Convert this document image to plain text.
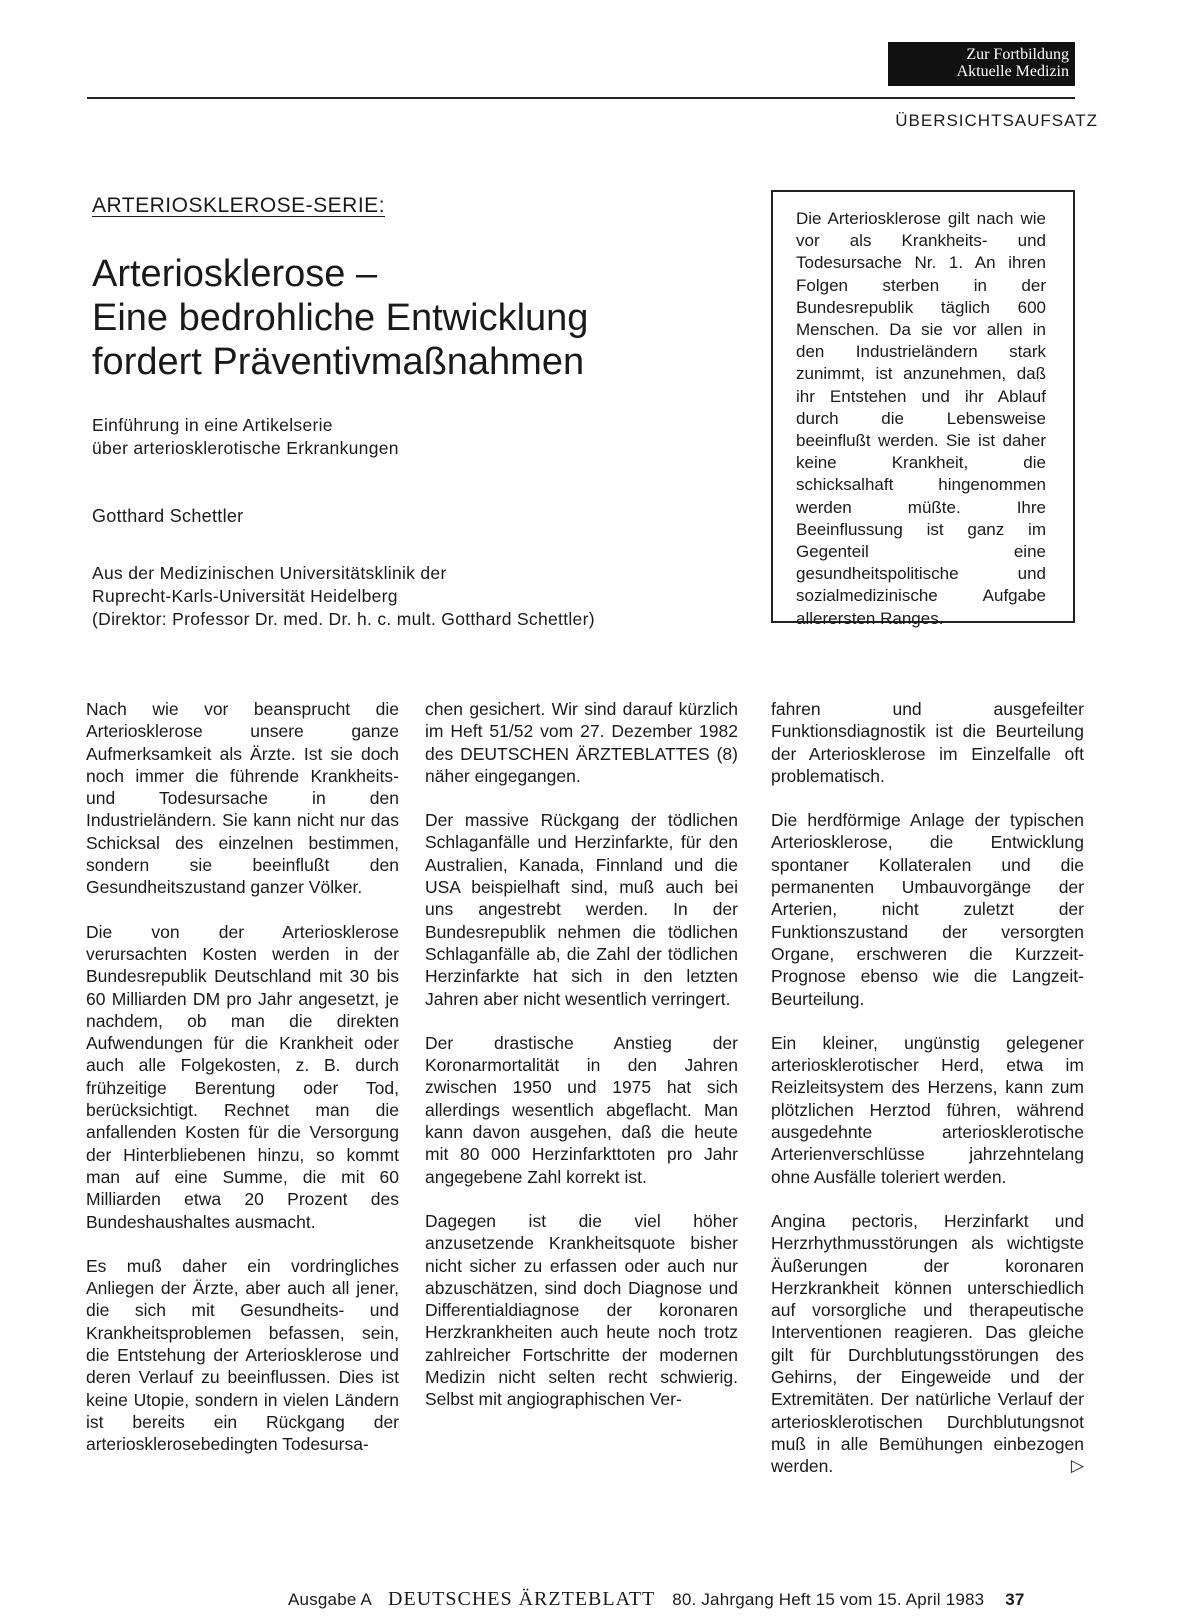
Zur Fortbildung
Aktuelle Medizin
ÜBERSICHTSAUFSATZ
ARTERIOSKLEROSE-SERIE:
Arteriosklerose –
Eine bedrohliche Entwicklung
fordert Präventivmaßnahmen
Einführung in eine Artikelserie
über arteriosklerotische Erkrankungen
Gotthard Schettler
Aus der Medizinischen Universitätsklinik der
Ruprecht-Karls-Universität Heidelberg
(Direktor: Professor Dr. med. Dr. h. c. mult. Gotthard Schettler)
Die Arteriosklerose gilt nach wie vor als Krankheits- und Todesursache Nr. 1. An ihren Folgen sterben in der Bundesrepublik täglich 600 Menschen. Da sie vor allen in den Industrieländern stark zunimmt, ist anzunehmen, daß ihr Entstehen und ihr Ablauf durch die Lebensweise beeinflußt werden. Sie ist daher keine Krankheit, die schicksalhaft hingenommen werden müßte. Ihre Beeinflussung ist ganz im Gegenteil eine gesundheitspolitische und sozialmedizinische Aufgabe allerersten Ranges.

Nach wie vor beansprucht die Arteriosklerose unsere ganze Aufmerksamkeit als Ärzte. Ist sie doch noch immer die führende Krankheits- und Todesursache in den Industrieländern. Sie kann nicht nur das Schicksal des einzelnen bestimmen, sondern sie beeinflußt den Gesundheitszustand ganzer Völker.

Die von der Arteriosklerose verursachten Kosten werden in der Bundesrepublik Deutschland mit 30 bis 60 Milliarden DM pro Jahr angesetzt, je nachdem, ob man die direkten Aufwendungen für die Krankheit oder auch alle Folgekosten, z. B. durch frühzeitige Berentung oder Tod, berücksichtigt. Rechnet man die anfallenden Kosten für die Versorgung der Hinterbliebenen hinzu, so kommt man auf eine Summe, die mit 60 Milliarden etwa 20 Prozent des Bundeshaushaltes ausmacht.

Es muß daher ein vordringliches Anliegen der Ärzte, aber auch all jener, die sich mit Gesundheits- und Krankheitsproblemen befassen, sein, die Entstehung der Arteriosklerose und deren Verlauf zu beeinflussen. Dies ist keine Utopie, sondern in vielen Ländern ist bereits ein Rückgang der arteriosklerosebedingten Todesursa-

chen gesichert. Wir sind darauf kürzlich im Heft 51/52 vom 27. Dezember 1982 des DEUTSCHEN ÄRZTEBLATTES (8) näher eingegangen.

Der massive Rückgang der tödlichen Schlaganfälle und Herzinfarkte, für den Australien, Kanada, Finnland und die USA beispielhaft sind, muß auch bei uns angestrebt werden. In der Bundesrepublik nehmen die tödlichen Schlaganfälle ab, die Zahl der tödlichen Herzinfarkte hat sich in den letzten Jahren aber nicht wesentlich verringert.

Der drastische Anstieg der Koronarmortalität in den Jahren zwischen 1950 und 1975 hat sich allerdings wesentlich abgeflacht. Man kann davon ausgehen, daß die heute mit 80 000 Herzinfarkttoten pro Jahr angegebene Zahl korrekt ist.

Dagegen ist die viel höher anzusetzende Krankheitsquote bisher nicht sicher zu erfassen oder auch nur abzuschätzen, sind doch Diagnose und Differentialdiagnose der koronaren Herzkrankheiten auch heute noch trotz zahlreicher Fortschritte der modernen Medizin nicht selten recht schwierig. Selbst mit angiographischen Ver-

fahren und ausgefeilter Funktionsdiagnostik ist die Beurteilung der Arteriosklerose im Einzelfalle oft problematisch.

Die herdförmige Anlage der typischen Arteriosklerose, die Entwicklung spontaner Kollateralen und die permanenten Umbauvorgänge der Arterien, nicht zuletzt der Funktionszustand der versorgten Organe, erschweren die Kurzzeit-Prognose ebenso wie die Langzeit-Beurteilung.

Ein kleiner, ungünstig gelegener arteriosklerotischer Herd, etwa im Reizleitsystem des Herzens, kann zum plötzlichen Herztod führen, während ausgedehnte arteriosklerotische Arterienverschlüsse jahrzehntelang ohne Ausfälle toleriert werden.

Angina pectoris, Herzinfarkt und Herzrhythmusstörungen als wichtigste Äußerungen der koronaren Herzkrankheit können unterschiedlich auf vorsorgliche und therapeutische Interventionen reagieren. Das gleiche gilt für Durchblutungsstörungen des Gehirns, der Eingeweide und der Extremitäten. Der natürliche Verlauf der arteriosklerotischen Durchblutungsnot muß in alle Bemühungen einbezogen werden.	▷

Ausgabe A DEUTSCHES ÄRZTEBLATT 80. Jahrgang Heft 15 vom 15. April 1983 37
